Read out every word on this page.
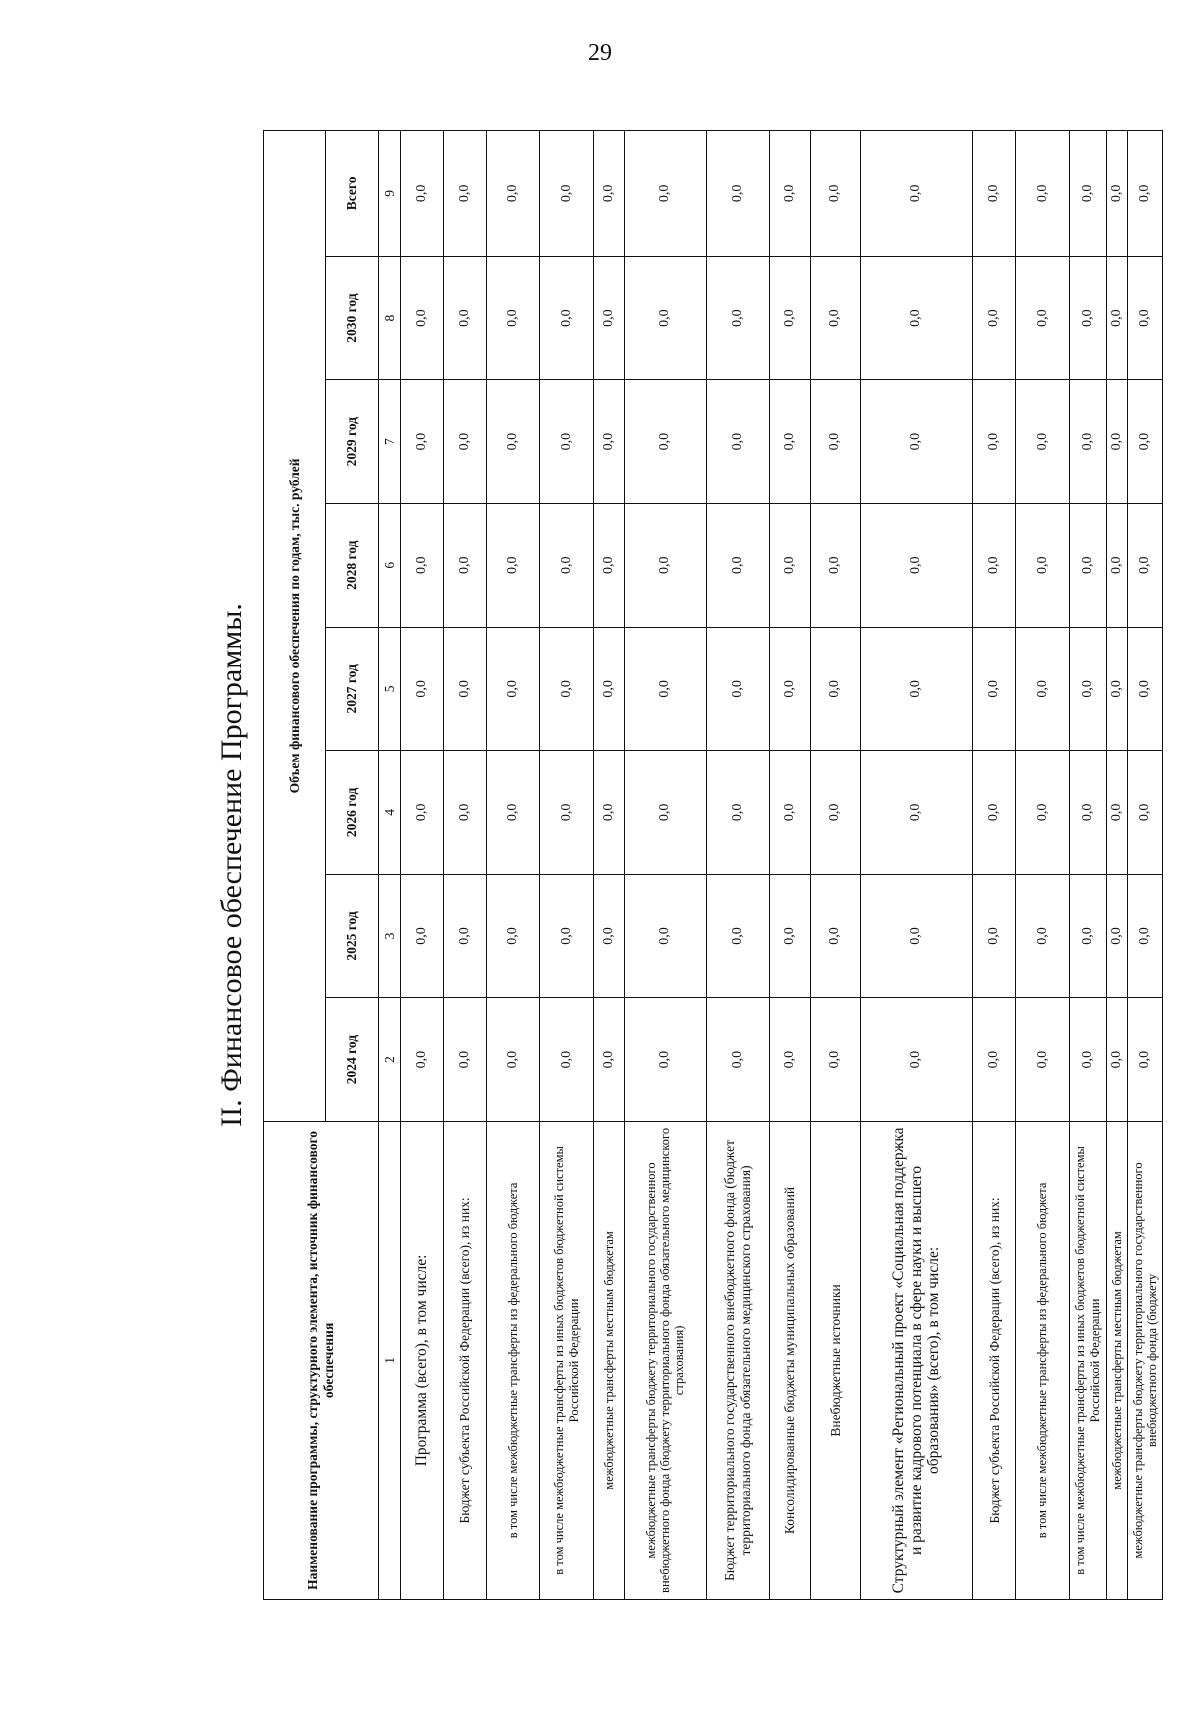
29
II. Финансовое обеспечение Программы.
Наименование программы, структурного элемента, источник финансового обеспечения	Объем финансового обеспечения по годам, тыс. рублей							
	2024 год	2025 год	2026 год	2027 год	2028 год	2029 год	2030 год	Всего
1	2	3	4	5	6	7	8	9
Программа (всего), в том числе:	0,0	0,0	0,0	0,0	0,0	0,0	0,0	0,0
Бюджет субъекта Российской Федерации (всего), из них:	0,0	0,0	0,0	0,0	0,0	0,0	0,0	0,0
в том числе межбюджетные трансферты из федерального бюджета	0,0	0,0	0,0	0,0	0,0	0,0	0,0	0,0
в том числе межбюджетные трансферты из иных бюджетов бюджетной системы Российской Федерации	0,0	0,0	0,0	0,0	0,0	0,0	0,0	0,0
межбюджетные трансферты местным бюджетам	0,0	0,0	0,0	0,0	0,0	0,0	0,0	0,0
межбюджетные трансферты бюджету территориального государственного внебюджетного фонда (бюджету территориального фонда обязательного медицинского страхования)	0,0	0,0	0,0	0,0	0,0	0,0	0,0	0,0
Бюджет территориального государственного внебюджетного фонда (бюджет территориального фонда обязательного медицинского страхования)	0,0	0,0	0,0	0,0	0,0	0,0	0,0	0,0
Консолидированные бюджеты муниципальных образований	0,0	0,0	0,0	0,0	0,0	0,0	0,0	0,0
Внебюджетные источники	0,0	0,0	0,0	0,0	0,0	0,0	0,0	0,0
Структурный элемент «Региональный проект «Социальная поддержка и развитие кадрового потенциала в сфере науки и высшего образования» (всего), в том числе:	0,0	0,0	0,0	0,0	0,0	0,0	0,0	0,0
Бюджет субъекта Российской Федерации (всего), из них:	0,0	0,0	0,0	0,0	0,0	0,0	0,0	0,0
в том числе межбюджетные трансферты из федерального бюджета	0,0	0,0	0,0	0,0	0,0	0,0	0,0	0,0
в том числе межбюджетные трансферты из иных бюджетов бюджетной системы Российской Федерации	0,0	0,0	0,0	0,0	0,0	0,0	0,0	0,0
межбюджетные трансферты местным бюджетам	0,0	0,0	0,0	0,0	0,0	0,0	0,0	0,0
межбюджетные трансферты бюджету территориального государственного внебюджетного фонда (бюджету	0,0	0,0	0,0	0,0	0,0	0,0	0,0	0,0
